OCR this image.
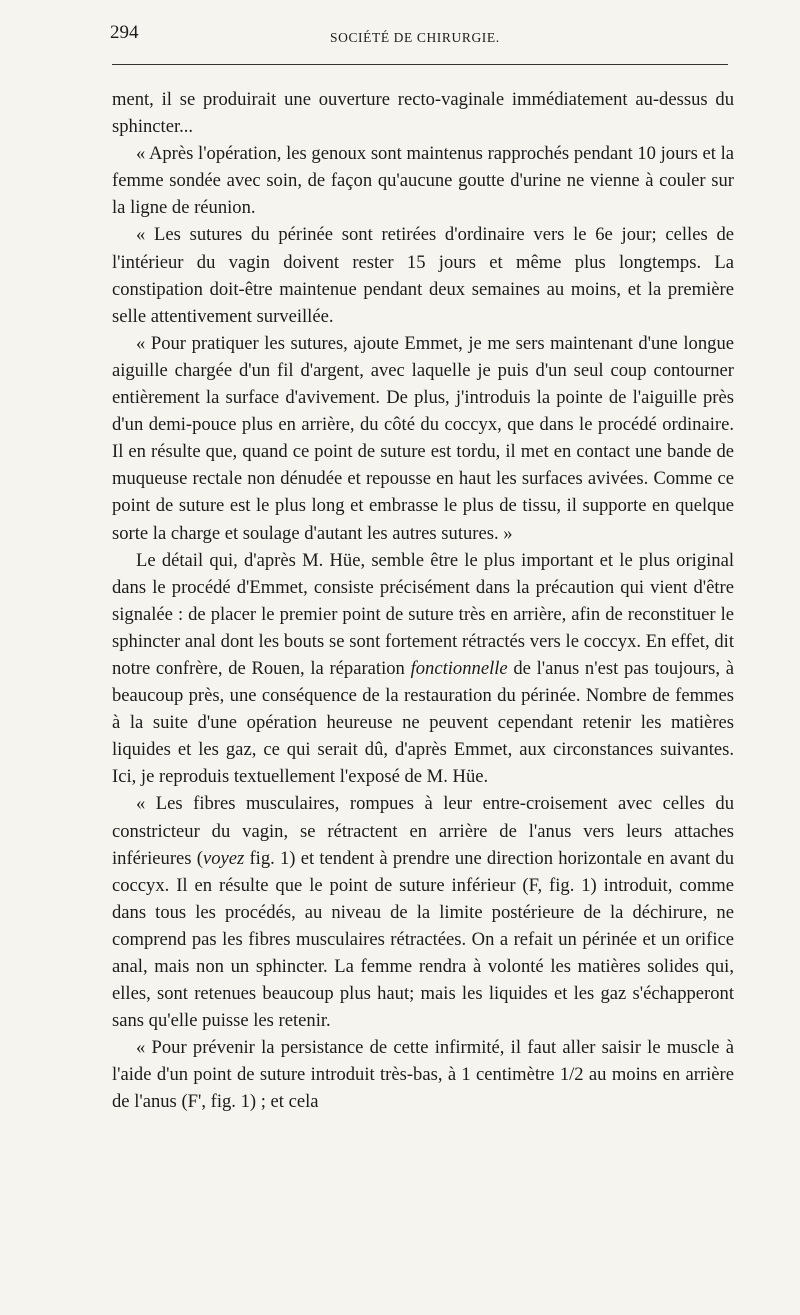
294	SOCIÉTÉ DE CHIRURGIE.

ment, il se produirait une ouverture recto-vaginale immédiatement au-dessus du sphincter...

« Après l'opération, les genoux sont maintenus rapprochés pendant 10 jours et la femme sondée avec soin, de façon qu'aucune goutte d'urine ne vienne à couler sur la ligne de réunion.

« Les sutures du périnée sont retirées d'ordinaire vers le 6e jour; celles de l'intérieur du vagin doivent rester 15 jours et même plus longtemps. La constipation doit-être maintenue pendant deux semaines au moins, et la première selle attentivement surveillée.

« Pour pratiquer les sutures, ajoute Emmet, je me sers maintenant d'une longue aiguille chargée d'un fil d'argent, avec laquelle je puis d'un seul coup contourner entièrement la surface d'avivement. De plus, j'introduis la pointe de l'aiguille près d'un demi-pouce plus en arrière, du côté du coccyx, que dans le procédé ordinaire. Il en résulte que, quand ce point de suture est tordu, il met en contact une bande de muqueuse rectale non dénudée et repousse en haut les surfaces avivées. Comme ce point de suture est le plus long et embrasse le plus de tissu, il supporte en quelque sorte la charge et soulage d'autant les autres sutures. »

Le détail qui, d'après M. Hüe, semble être le plus important et le plus original dans le procédé d'Emmet, consiste précisément dans la précaution qui vient d'être signalée : de placer le premier point de suture très en arrière, afin de reconstituer le sphincter anal dont les bouts se sont fortement rétractés vers le coccyx. En effet, dit notre confrère, de Rouen, la réparation fonctionnelle de l'anus n'est pas toujours, à beaucoup près, une conséquence de la restauration du périnée. Nombre de femmes à la suite d'une opération heureuse ne peuvent cependant retenir les matières liquides et les gaz, ce qui serait dû, d'après Emmet, aux circonstances suivantes. Ici, je reproduis textuellement l'exposé de M. Hüe.

« Les fibres musculaires, rompues à leur entre-croisement avec celles du constricteur du vagin, se rétractent en arrière de l'anus vers leurs attaches inférieures (voyez fig. 1) et tendent à prendre une direction horizontale en avant du coccyx. Il en résulte que le point de suture inférieur (F, fig. 1) introduit, comme dans tous les procédés, au niveau de la limite postérieure de la déchirure, ne comprend pas les fibres musculaires rétractées. On a refait un périnée et un orifice anal, mais non un sphincter. La femme rendra à volonté les matières solides qui, elles, sont retenues beaucoup plus haut; mais les liquides et les gaz s'échapperont sans qu'elle puisse les retenir.

« Pour prévenir la persistance de cette infirmité, il faut aller saisir le muscle à l'aide d'un point de suture introduit très-bas, à 1 centimètre 1/2 au moins en arrière de l'anus (F', fig. 1) ; et cela
